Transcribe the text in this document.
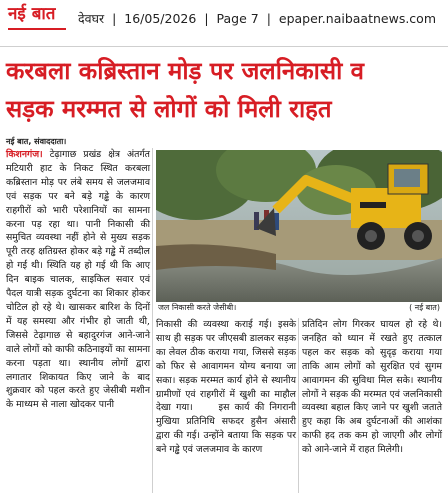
नई बात	देवघर | 16/05/2026 | Page 7 | epaper.naibaatnews.com
करबला कब्रिस्तान मोड़ पर जलनिकासी व
सड़क मरम्मत से लोगों को मिली राहत
नई बात, संवाददाता।
किशनगंज। टेढ़ागाछ प्रखंड क्षेत्र अंतर्गत मटियारी हाट के निकट स्थित करबला कब्रिस्तान मोड़ पर लंबे समय से जलजमाव एवं सड़क पर बने बड़े गड्ढे के कारण राहगीरों को भारी परेशानियों का सामना करना पड़ रहा था। पानी निकासी की समुचित व्यवस्था नहीं होने से मुख्य सड़क पूरी तरह क्षतिग्रस्त होकर बड़े गड्ढे में तब्दील हो गई थी। स्थिति यह हो गई थी कि आए दिन बाइक चालक, साइकिल सवार एवं पैदल यात्री सड़क दुर्घटना का शिकार होकर चोटिल हो रहे थे। खासकर बारिश के दिनों में यह समस्या और गंभीर हो जाती थी, जिससे टेढ़ागाछ से बहादुरगंज आने-जाने वाले लोगों को काफी कठिनाइयों का सामना करना पड़ता था। स्थानीय लोगों द्वारा लगातार शिकायत किए जाने के बाद शुक्रवार को पहल करते हुए जेसीबी मशीन के माध्यम से नाला खोदकर पानी
जल निकासी करते जेसीबी।	( नई बात)
निकासी की व्यवस्था कराई गई। इसके साथ ही सड़क पर जीएसबी डालकर सड़क का लेवल ठीक कराया गया, जिससे सड़क को फिर से आवागमन योग्य बनाया जा सका। सड़क मरम्मत कार्य होने से स्थानीय ग्रामीणों एवं राहगीरों में खुशी का माहौल देखा गया।     इस कार्य की निगरानी मुखिया प्रतिनिधि सफदर हुसैन अंसारी द्वारा की गई। उन्होंने बताया कि सड़क पर बने गड्ढे एवं जलजमाव के कारण
प्रतिदिन लोग गिरकर घायल हो रहे थे। जनहित को ध्यान में रखते हुए तत्काल पहल कर सड़क को सुदृढ़ कराया गया ताकि आम लोगों को सुरक्षित एवं सुगम आवागमन की सुविधा मिल सके। स्थानीय लोगों ने सड़क की मरम्मत एवं जलनिकासी व्यवस्था बहाल किए जाने पर खुशी जताते हुए कहा कि अब दुर्घटनाओं की आशंका काफी हद तक कम हो जाएगी और लोगों को आने-जाने में राहत मिलेगी।
